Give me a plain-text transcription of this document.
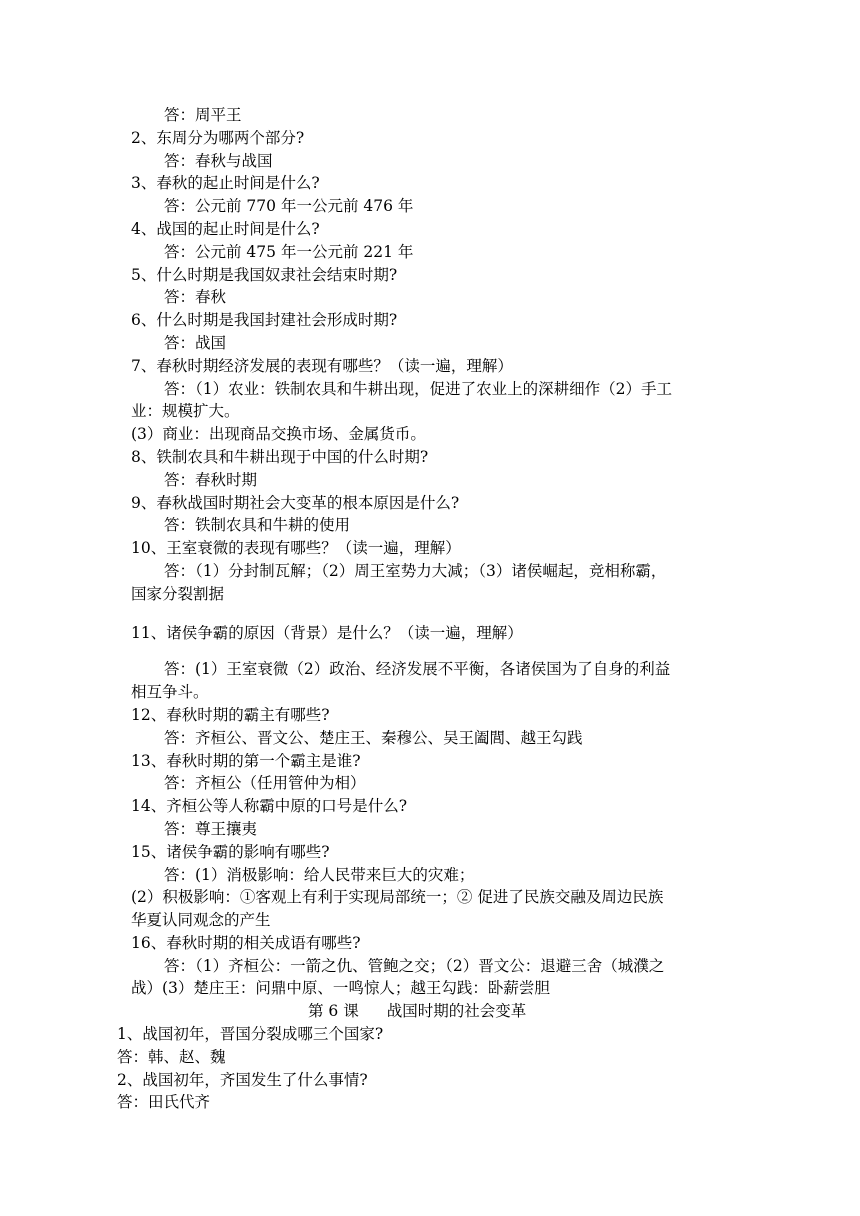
答：周平王
2、东周分为哪两个部分?
答：春秋与战国
3、春秋的起止时间是什么?
答：公元前 770 年一公元前 476 年
4、战国的起止时间是什么?
答：公元前 475 年一公元前 221 年
5、什么时期是我国奴隶社会结束时期?
答：春秋
6、什么时期是我国封建社会形成时期?
答：战国
7、春秋时期经济发展的表现有哪些？（读一遍，理解）
答：（1）农业：铁制农具和牛耕出现，促进了农业上的深耕细作（2）手工
业：规模扩大。
(3）商业：出现商品交换市场、金属货币。
8、铁制农具和牛耕出现于中国的什么时期?
答：春秋时期
9、春秋战国时期社会大变革的根本原因是什么?
答：铁制农具和牛耕的使用
10、王室衰微的表现有哪些？（读一遍，理解）
答：（1）分封制瓦解；（2）周王室势力大减；（3）诸侯崛起，竞相称霸，
国家分裂割据
11、诸侯争霸的原因（背景）是什么？（读一遍，理解）
答：(1）王室衰微（2）政治、经济发展不平衡，各诸侯国为了自身的利益
相互争斗。
12、春秋时期的霸主有哪些?
答：齐桓公、晋文公、楚庄王、秦穆公、吴王阖閭、越王勾践
13、春秋时期的第一个霸主是谁?
答：齐桓公（任用管仲为相）
14、齐桓公等人称霸中原的口号是什么?
答：尊王攘夷
15、诸侯争霸的影响有哪些?
答：(1）消极影响：给人民带来巨大的灾难；
(2）积极影响：①客观上有利于实现局部统一；② 促进了民族交融及周边民族
华夏认同观念的产生
16、春秋时期的相关成语有哪些?
答：（1）齐桓公：一箭之仇、管鲍之交；（2）晋文公：退避三舍（城濮之
战）(3）楚庄王：问鼎中原、一鸣惊人；越王勾践：卧薪尝胆
第 6 课 战国时期的社会变革
1、战国初年，晋国分裂成哪三个国家?
答：韩、赵、魏
2、战国初年，齐国发生了什么事情?
答：田氏代齐
